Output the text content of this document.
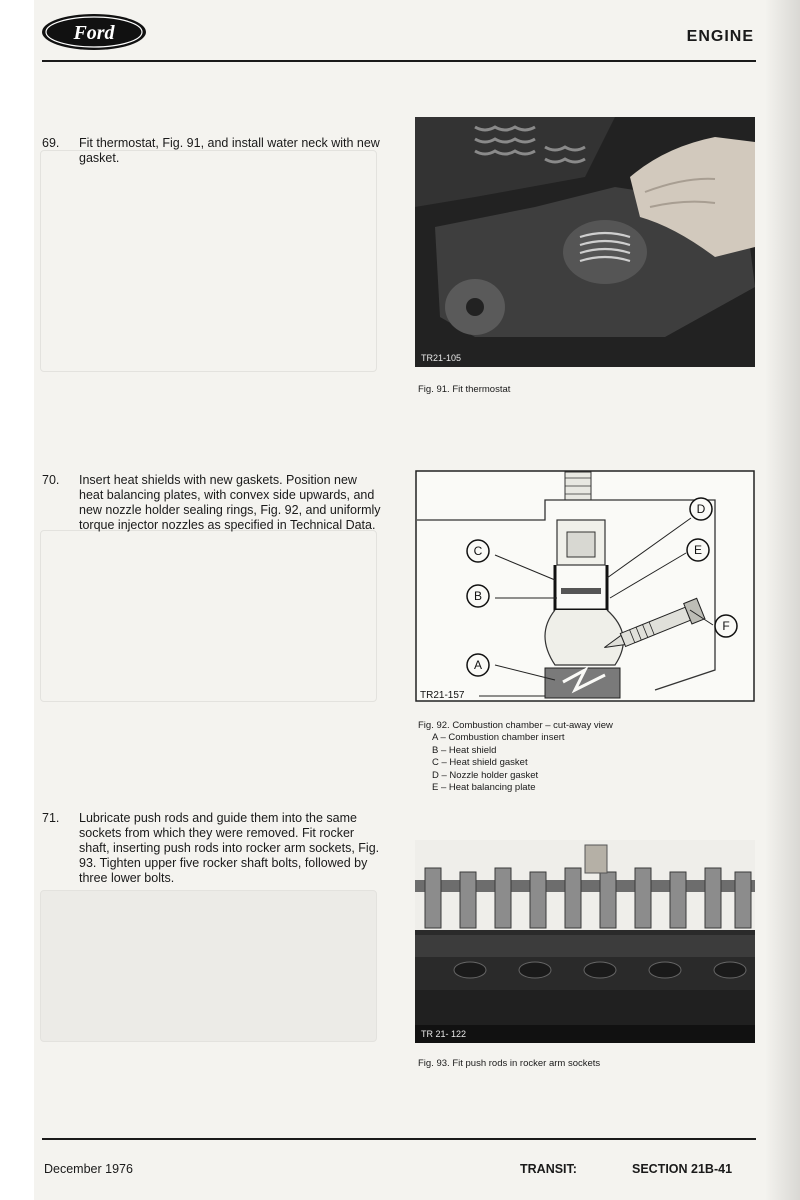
Ford	ENGINE
69. Fit thermostat, Fig. 91, and install water neck with new gasket.
TR21-105
Fig. 91. Fit thermostat
70. Insert heat shields with new gaskets. Position new heat balancing plates, with convex side upwards, and new nozzle holder sealing rings, Fig. 92, and uniformly torque injector nozzles as specified in Technical Data.
A
B
C
D
E
F
TR21-157
Fig. 92. Combustion chamber – cut-away view
A – Combustion chamber insert
B – Heat shield
C – Heat shield gasket
D – Nozzle holder gasket
E – Heat balancing plate
71. Lubricate push rods and guide them into the same sockets from which they were removed. Fit rocker shaft, inserting push rods into rocker arm sockets, Fig. 93. Tighten upper five rocker shaft bolts, followed by three lower bolts.
TR 21- 122
Fig. 93. Fit push rods in rocker arm sockets
December 1976	TRANSIT:	SECTION 21B-41
